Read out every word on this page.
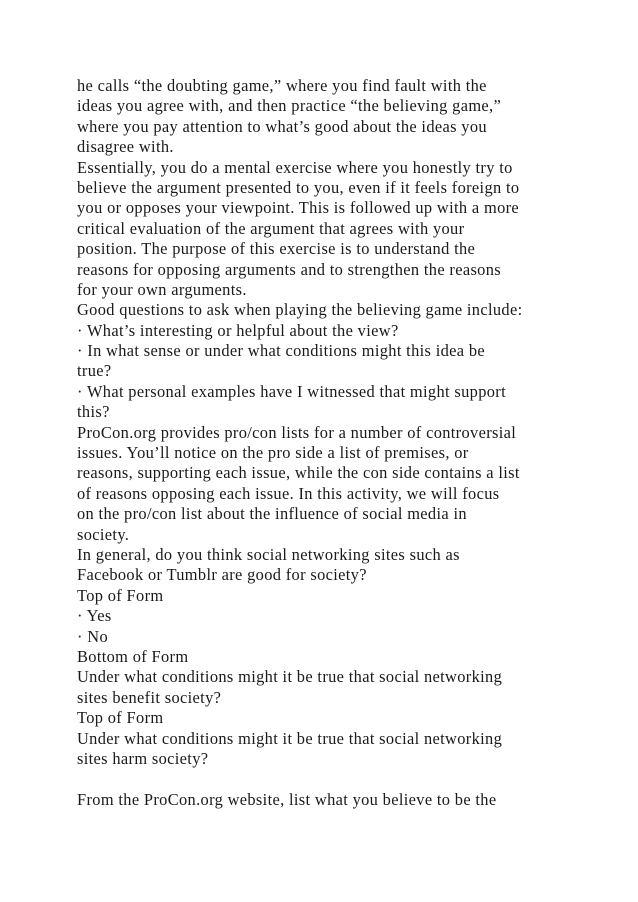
he calls “the doubting game,” where you find fault with the
ideas you agree with, and then practice “the believing game,”
where you pay attention to what’s good about the ideas you
disagree with.
Essentially, you do a mental exercise where you honestly try to
believe the argument presented to you, even if it feels foreign to
you or opposes your viewpoint. This is followed up with a more
critical evaluation of the argument that agrees with your
position. The purpose of this exercise is to understand the
reasons for opposing arguments and to strengthen the reasons
for your own arguments.
Good questions to ask when playing the believing game include:
· What’s interesting or helpful about the view?
· In what sense or under what conditions might this idea be
true?
· What personal examples have I witnessed that might support
this?
ProCon.org provides pro/con lists for a number of controversial
issues. You’ll notice on the pro side a list of premises, or
reasons, supporting each issue, while the con side contains a list
of reasons opposing each issue. In this activity, we will focus
on the pro/con list about the influence of social media in
society.
In general, do you think social networking sites such as
Facebook or Tumblr are good for society?
Top of Form
· Yes
· No
Bottom of Form
Under what conditions might it be true that social networking
sites benefit society?
Top of Form
Under what conditions might it be true that social networking
sites harm society?
From the ProCon.org website, list what you believe to be the
